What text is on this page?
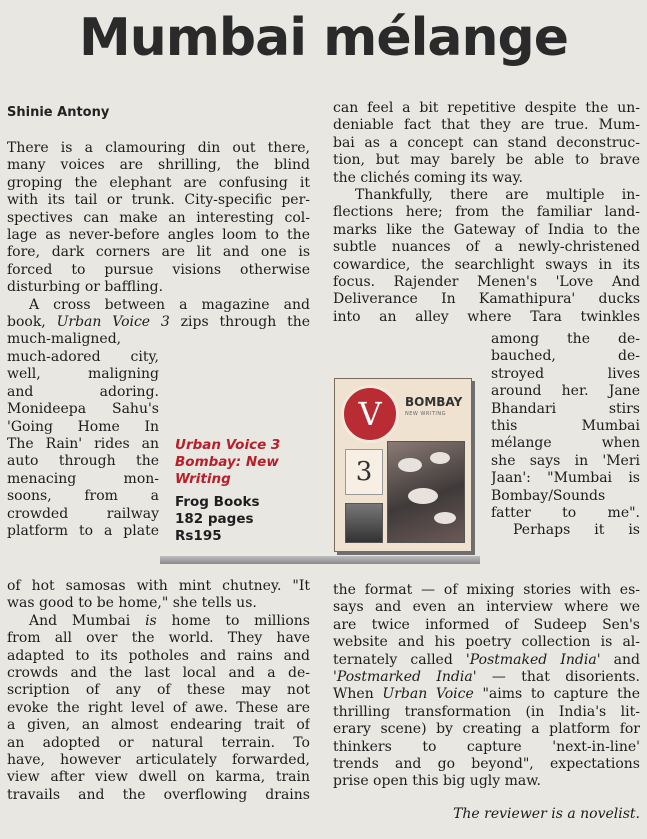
Mumbai mélange
Shinie Antony

There is a clamouring din out there,

many voices are shrilling, the blind

groping the elephant are confusing it

with its tail or trunk. City-specific per-

spectives can make an interesting col-

lage as never-before angles loom to the

fore, dark corners are lit and one is

forced to pursue visions otherwise

disturbing or baffling.

A cross between a magazine and

book, Urban Voice 3 zips through the

much-maligned,

much-adored city,

well, maligning

and adoring.

Monideepa Sahu's

'Going Home In

The Rain' rides an

auto through the

menacing mon-

soons, from a

crowded railway

platform to a plate

of hot samosas with mint chutney. "It

was good to be home," she tells us.

And Mumbai is home to millions

from all over the world. They have

adapted to its potholes and rains and

crowds and the last local and a de-

scription of any of these may not

evoke the right level of awe. These are

a given, an almost endearing trait of

an adopted or natural terrain. To

have, however articulately forwarded,

view after view dwell on karma, train

travails and the overflowing drains

can feel a bit repetitive despite the un-

deniable fact that they are true. Mum-

bai as a concept can stand deconstruc-

tion, but may barely be able to brave

the clichés coming its way.

Thankfully, there are multiple in-

flections here; from the familiar land-

marks like the Gateway of India to the

subtle nuances of a newly-christened

cowardice, the searchlight sways in its

focus. Rajender Menen's 'Love And

Deliverance In Kamathipura' ducks

into an alley where Tara twinkles

among the de-

bauched, de-

stroyed lives

around her. Jane

Bhandari stirs

this Mumbai

mélange when

she says in 'Meri

Jaan': "Mumbai is

Bombay/Sounds

fatter to me".

Perhaps it is

the format — of mixing stories with es-

says and even an interview where we

are twice informed of Sudeep Sen's

website and his poetry collection is al-

ternately called 'Postmaked India' and

'Postmarked India' — that disorients.

When Urban Voice "aims to capture the

thrilling transformation (in India's lit-

erary scene) by creating a platform for

thinkers to capture 'next-in-line'

trends and go beyond", expectations

prise open this big ugly maw.

Urban Voice 3
Bombay: New
Writing
Frog Books
182 pages
Rs195
V	BOMBAY
NEW WRITING
3
The reviewer is a novelist.
